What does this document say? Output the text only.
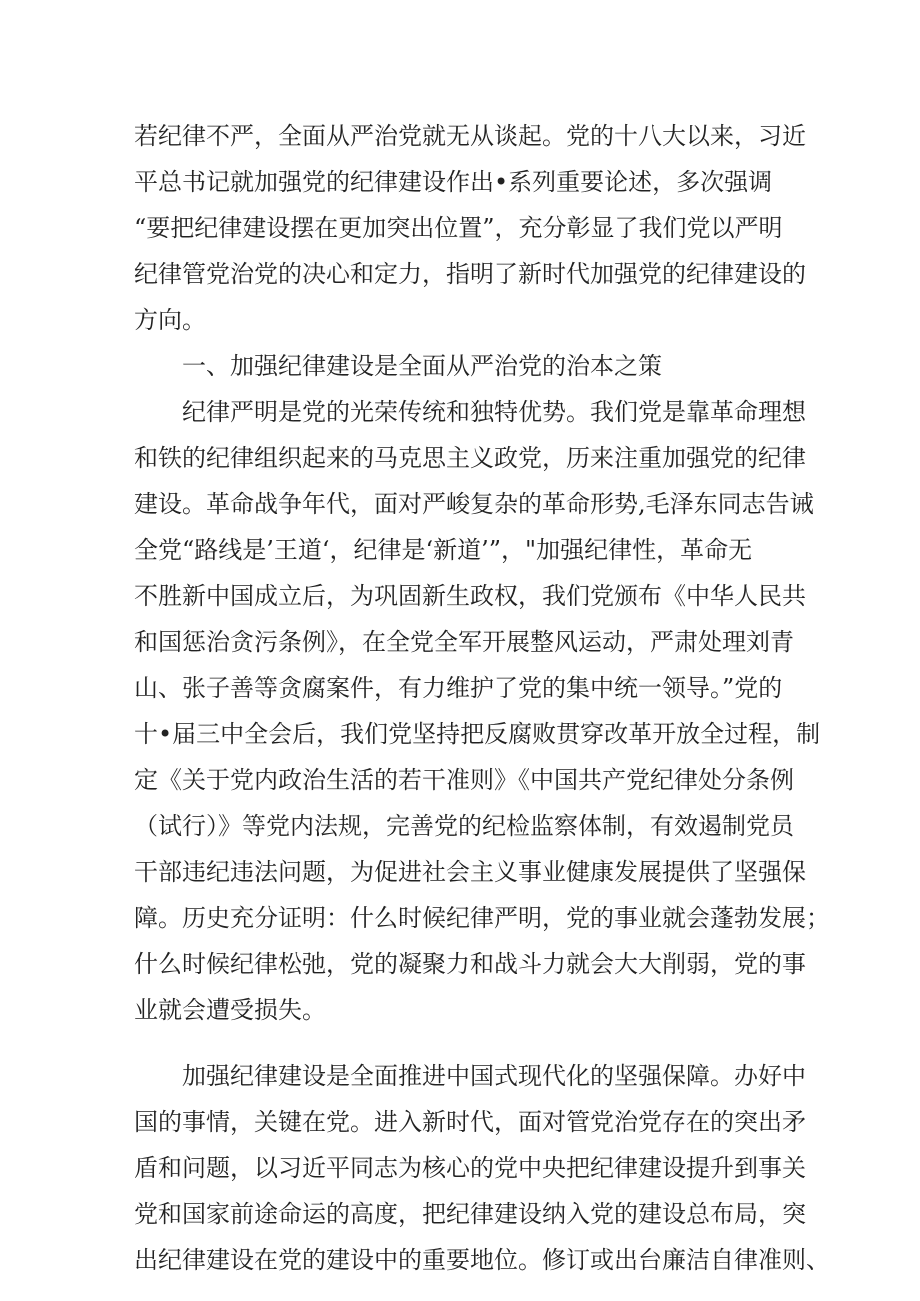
若纪律不严，全面从严治党就无从谈起。党的十八大以来，习近
平总书记就加强党的纪律建设作出•系列重要论述，多次强调
“要把纪律建设摆在更加突出位置”，充分彰显了我们党以严明
纪律管党治党的决心和定力，指明了新时代加强党的纪律建设的
方向。
一、加强纪律建设是全面从严治党的治本之策
纪律严明是党的光荣传统和独特优势。我们党是靠革命理想
和铁的纪律组织起来的马克思主义政党，历来注重加强党的纪律
建设。革命战争年代，面对严峻复杂的革命形势,毛泽东同志告诫
全党“路线是’王道‘，纪律是‘新道’”，"加强纪律性，革命无
不胜新中国成立后，为巩固新生政权，我们党颁布《中华人民共
和国惩治贪污条例》，在全党全军开展整风运动，严肃处理刘青
山、张子善等贪腐案件，有力维护了党的集中统一领导。”党的
十•届三中全会后，我们党坚持把反腐败贯穿改革开放全过程，制
定《关于党内政治生活的若干准则》《中国共产党纪律处分条例
（试行）》等党内法规，完善党的纪检监察体制，有效遏制党员
干部违纪违法问题，为促进社会主义事业健康发展提供了坚强保
障。历史充分证明：什么时候纪律严明，党的事业就会蓬勃发展；
什么时候纪律松弛，党的凝聚力和战斗力就会大大削弱，党的事
业就会遭受损失。
加强纪律建设是全面推进中国式现代化的坚强保障。办好中
国的事情，关键在党。进入新时代，面对管党治党存在的突出矛
盾和问题，以习近平同志为核心的党中央把纪律建设提升到事关
党和国家前途命运的高度，把纪律建设纳入党的建设总布局，突
出纪律建设在党的建设中的重要地位。修订或出台廉洁自律准则、
